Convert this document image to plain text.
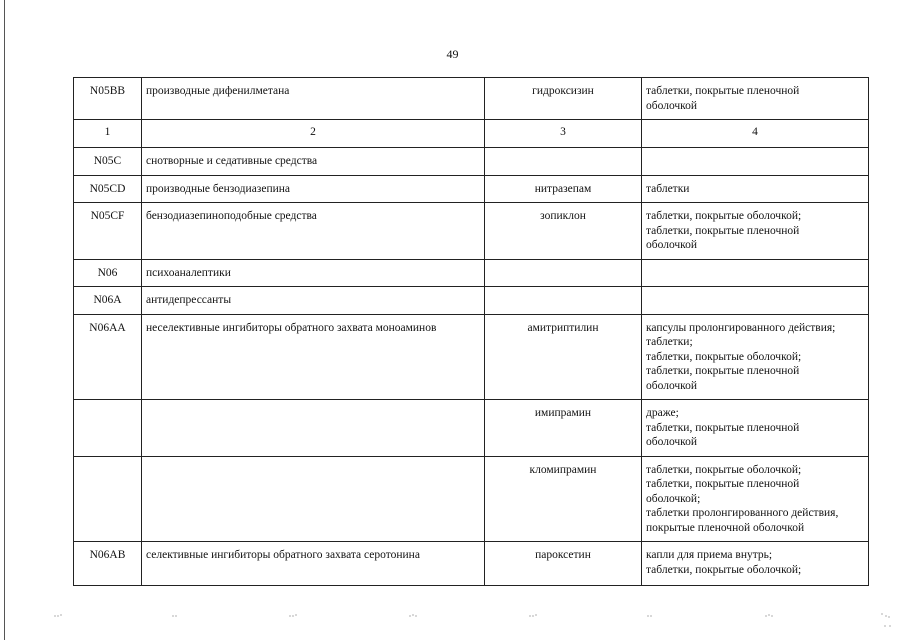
49
N05BB	производные дифенилметана	гидроксизин	таблетки, покрытые пленочной
оболочкой

1	2	3	4

N05C	снотворные и седативные средства		
N05CD	производные бензодиазепина	нитразепам	таблетки

N05CF	бензодиазепиноподобные средства	зопиклон	таблетки, покрытые оболочкой;
таблетки, покрытые пленочной
оболочкой

N06	психоаналептики		
N06A	антидепрессанты		
N06AA	неселективные ингибиторы обратного захвата моноаминов	амитриптилин	капсулы пролонгированного действия;
таблетки;
таблетки, покрытые оболочкой;
таблетки, покрытые пленочной
оболочкой

		имипрамин	драже;
таблетки, покрытые пленочной
оболочкой

		кломипрамин	таблетки, покрытые оболочкой;
таблетки, покрытые пленочной
оболочкой;
таблетки пролонгированного действия,
покрытые пленочной оболочкой

N06AB	селективные ингибиторы обратного захвата серотонина	пароксетин	капли для приема внутрь;
таблетки, покрытые оболочкой;
